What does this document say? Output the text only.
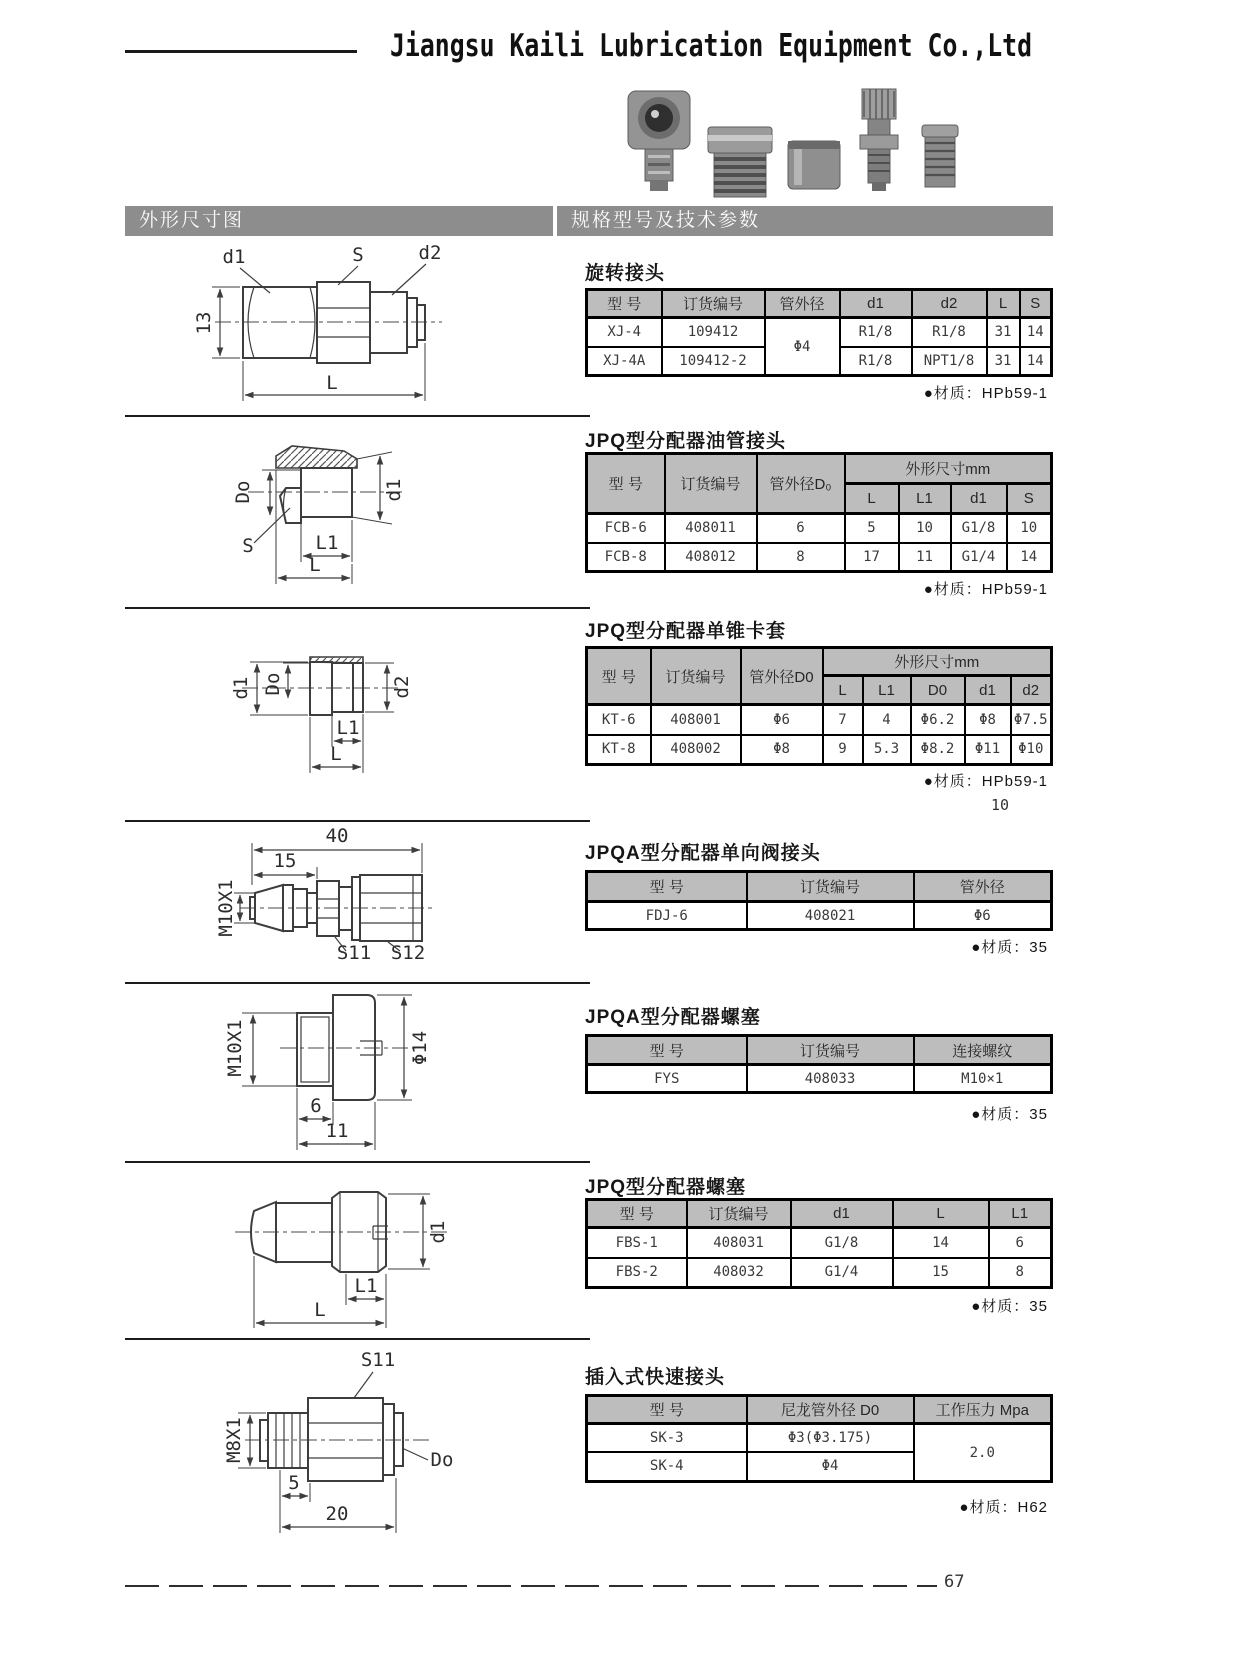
Jiangsu Kaili Lubrication Equipment Co.,Ltd
外形尺寸图	规格型号及技术参数
d1	S	d2
13
L
旋转接头
型 号	订货编号	管外径	d1	d2	L	S
XJ-4	109412	Φ4	R1/8	R1/8	31	14
XJ-4A	109412-2		R1/8	NPT1/8	31	14
●材质：HPb59-1
Do	d1
S	L1
L
JPQ型分配器油管接头
型 号	订货编号	管外径D₀	外形尺寸mm			
			L	L1	d1	S
FCB-6	408011	6	5	10	G1/8	10
FCB-8	408012	8	17	11	G1/4	14
●材质：HPb59-1
d1 Do	d2
L1
L
JPQ型分配器单锥卡套
型 号	订货编号	管外径D0	外形尺寸mm				
			L	L1	D0	d1	d2
KT-6	408001	Φ6	7	4	Φ6.2	Φ8	Φ7.5
KT-8	408002	Φ8	9	5.3	Φ8.2	Φ11	Φ10
●材质：HPb59-1
10
40
15
M10X1
S11 S12
JPQA型分配器单向阀接头
型 号	订货编号	管外径
FDJ-6	408021	Φ6
●材质：35
M10X1	Φ14
6
11
JPQA型分配器螺塞
型 号	订货编号	连接螺纹
FYS	408033	M10×1
●材质：35
d1
L1
L
JPQ型分配器螺塞
型 号	订货编号	d1	L	L1
FBS-1	408031	G1/8	14	6
FBS-2	408032	G1/4	15	8
●材质：35
S11
M8X1	Do
5
20
插入式快速接头
型 号	尼龙管外径 D0	工作压力 Mpa
SK-3	Φ3(Φ3.175)	2.0
SK-4	Φ4	
●材质：H62
67
